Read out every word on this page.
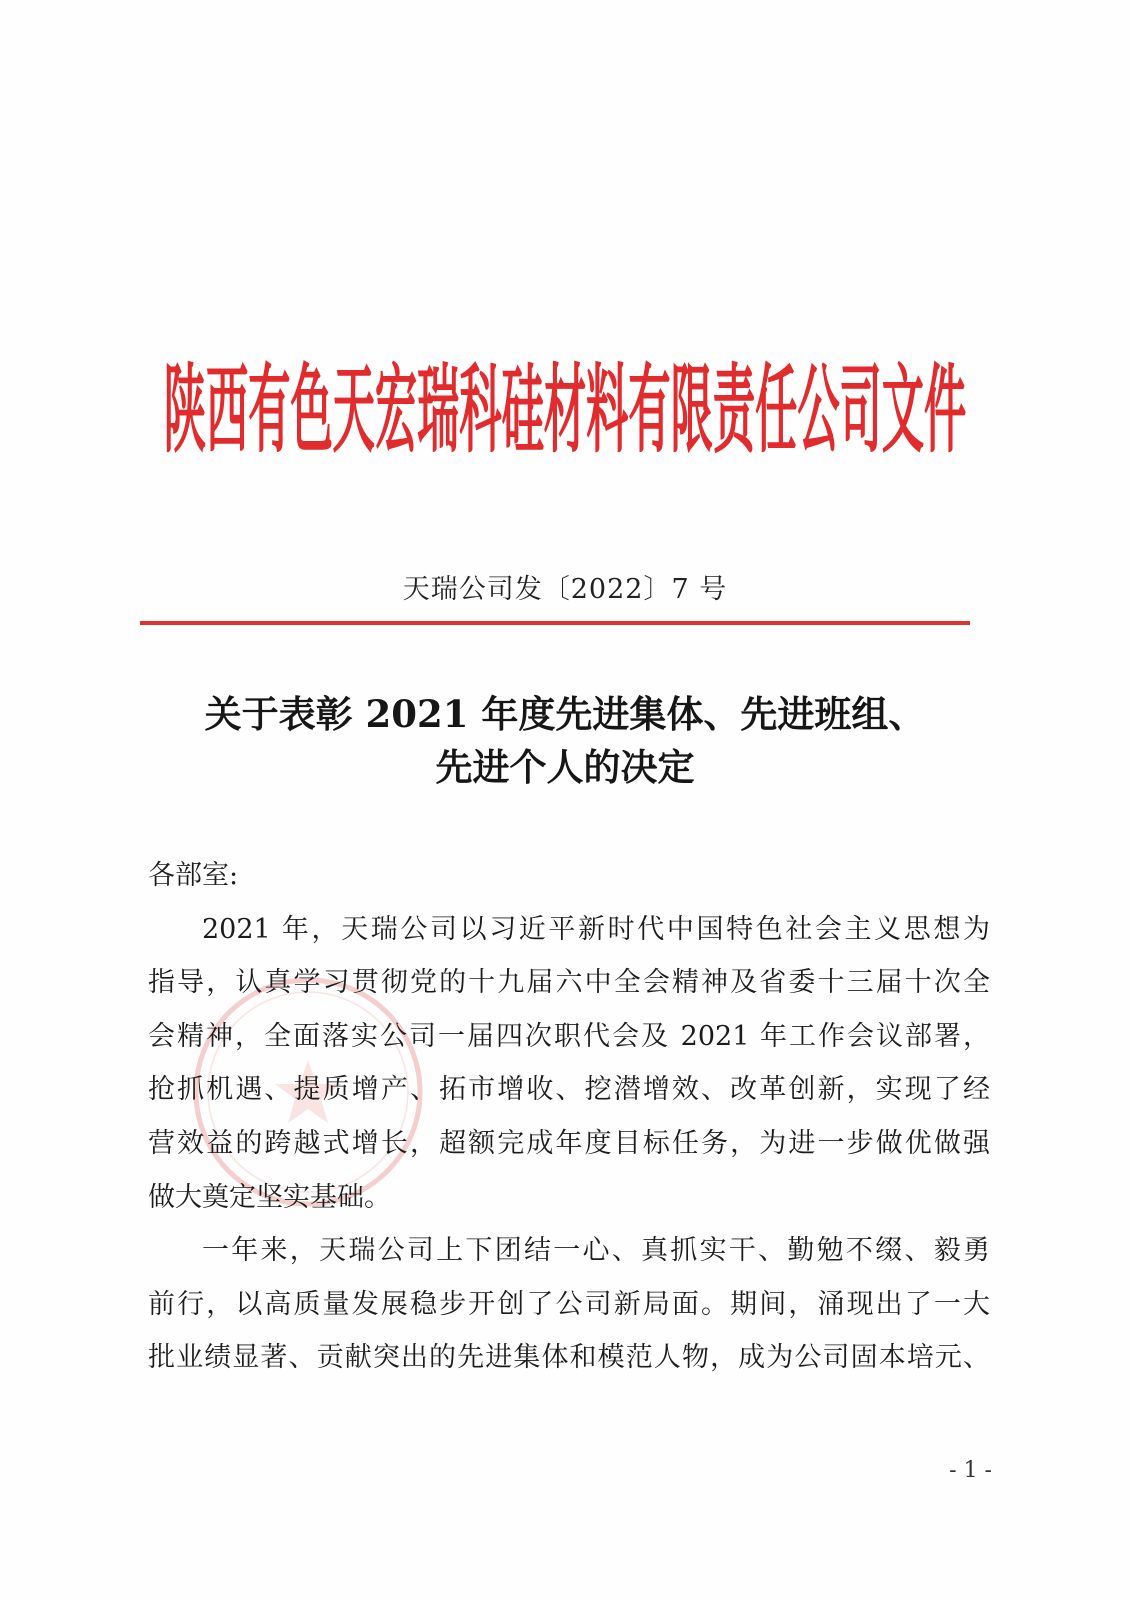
陕西有色天宏瑞科硅材料有限责任公司文件
天瑞公司发〔2022〕7 号
关于表彰 2021 年度先进集体、先进班组、
先进个人的决定
各部室:
2021 年，天瑞公司以习近平新时代中国特色社会主义思想为
指导，认真学习贯彻党的十九届六中全会精神及省委十三届十次全
会精神，全面落实公司一届四次职代会及 2021 年工作会议部署，
抢抓机遇、提质增产、拓市增收、挖潜增效、改革创新，实现了经
营效益的跨越式增长，超额完成年度目标任务，为进一步做优做强
做大奠定坚实基础。
一年来，天瑞公司上下团结一心、真抓实干、勤勉不缀、毅勇
前行，以高质量发展稳步开创了公司新局面。期间，涌现出了一大
批业绩显著、贡献突出的先进集体和模范人物，成为公司固本培元、
- 1 -
